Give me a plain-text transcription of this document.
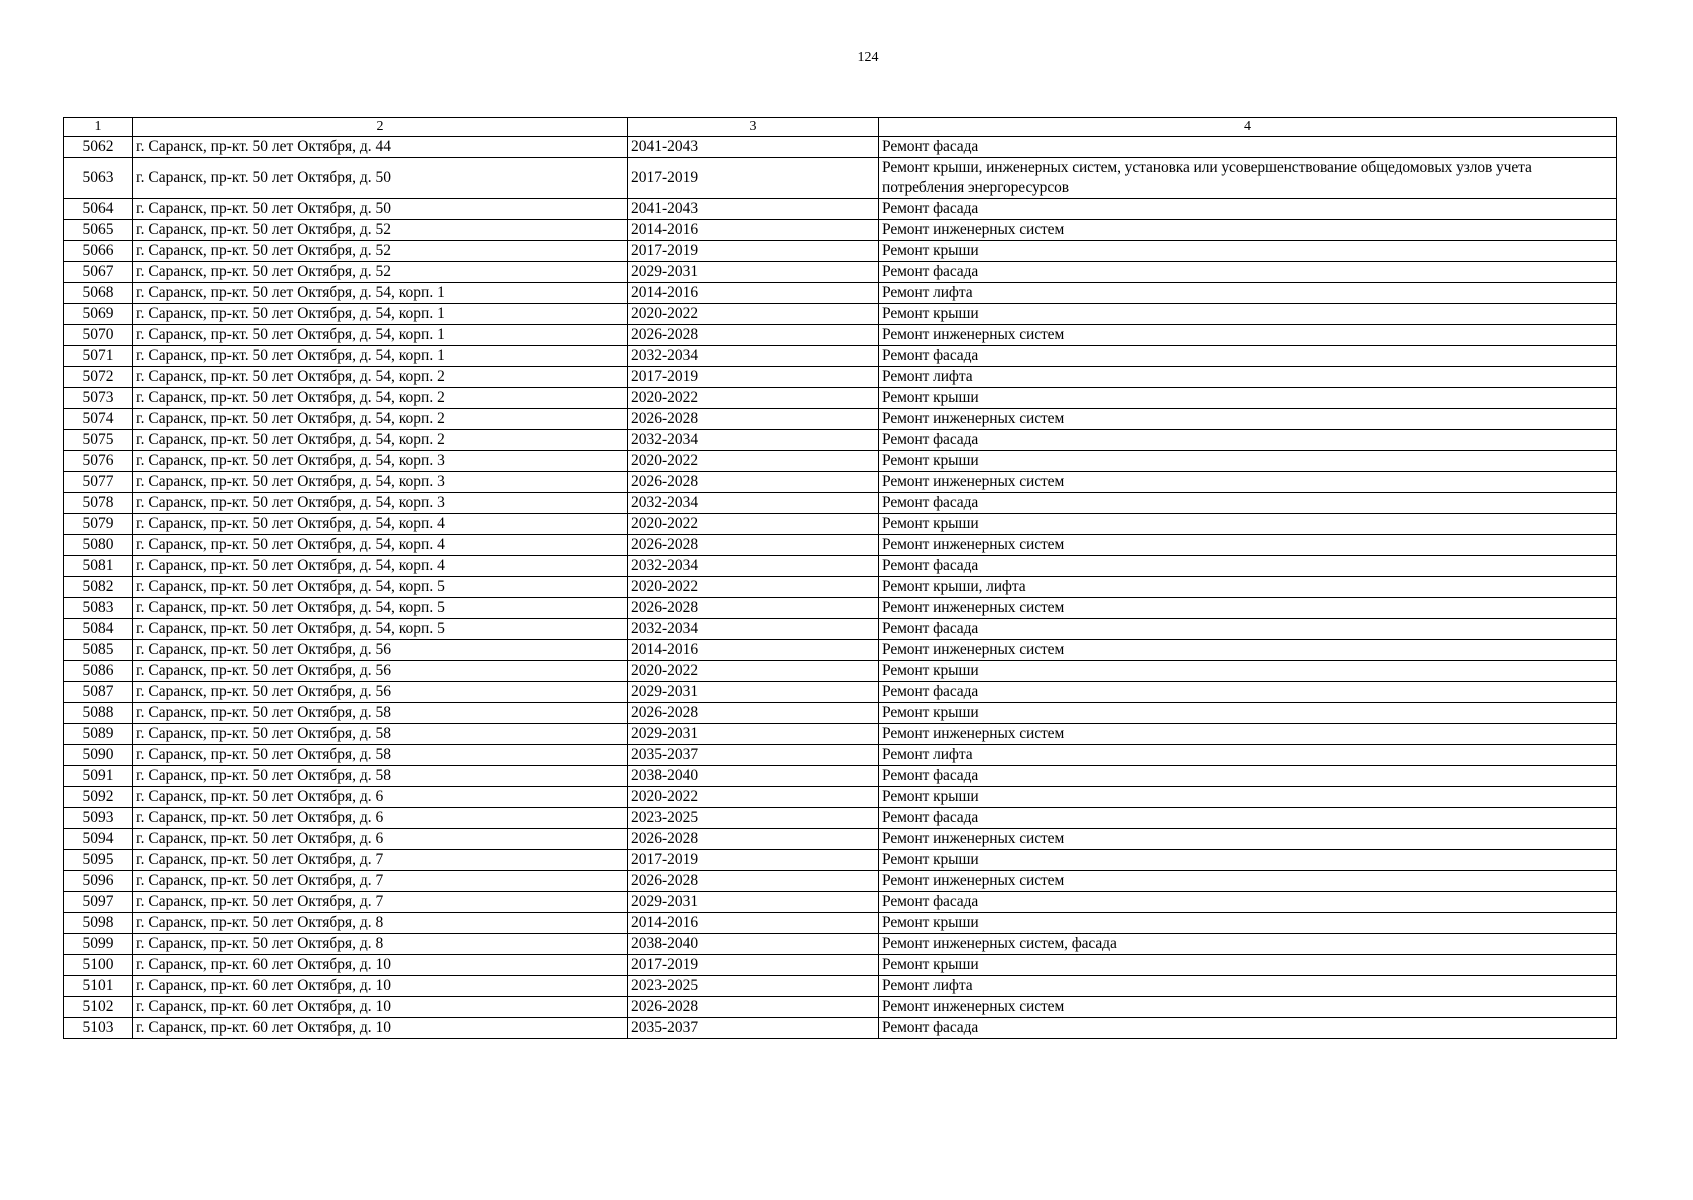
124
1	2	3	4
5062	г. Саранск, пр-кт. 50 лет Октября, д. 44	2041-2043	Ремонт фасада
5063	г. Саранск, пр-кт. 50 лет Октября, д. 50	2017-2019	Ремонт крыши, инженерных систем, установка или усовершенствование общедомовых узлов учета потребления энергоресурсов
5064	г. Саранск, пр-кт. 50 лет Октября, д. 50	2041-2043	Ремонт фасада
5065	г. Саранск, пр-кт. 50 лет Октября, д. 52	2014-2016	Ремонт инженерных систем
5066	г. Саранск, пр-кт. 50 лет Октября, д. 52	2017-2019	Ремонт крыши
5067	г. Саранск, пр-кт. 50 лет Октября, д. 52	2029-2031	Ремонт фасада
5068	г. Саранск, пр-кт. 50 лет Октября, д. 54, корп. 1	2014-2016	Ремонт лифта
5069	г. Саранск, пр-кт. 50 лет Октября, д. 54, корп. 1	2020-2022	Ремонт крыши
5070	г. Саранск, пр-кт. 50 лет Октября, д. 54, корп. 1	2026-2028	Ремонт инженерных систем
5071	г. Саранск, пр-кт. 50 лет Октября, д. 54, корп. 1	2032-2034	Ремонт фасада
5072	г. Саранск, пр-кт. 50 лет Октября, д. 54, корп. 2	2017-2019	Ремонт лифта
5073	г. Саранск, пр-кт. 50 лет Октября, д. 54, корп. 2	2020-2022	Ремонт крыши
5074	г. Саранск, пр-кт. 50 лет Октября, д. 54, корп. 2	2026-2028	Ремонт инженерных систем
5075	г. Саранск, пр-кт. 50 лет Октября, д. 54, корп. 2	2032-2034	Ремонт фасада
5076	г. Саранск, пр-кт. 50 лет Октября, д. 54, корп. 3	2020-2022	Ремонт крыши
5077	г. Саранск, пр-кт. 50 лет Октября, д. 54, корп. 3	2026-2028	Ремонт инженерных систем
5078	г. Саранск, пр-кт. 50 лет Октября, д. 54, корп. 3	2032-2034	Ремонт фасада
5079	г. Саранск, пр-кт. 50 лет Октября, д. 54, корп. 4	2020-2022	Ремонт крыши
5080	г. Саранск, пр-кт. 50 лет Октября, д. 54, корп. 4	2026-2028	Ремонт инженерных систем
5081	г. Саранск, пр-кт. 50 лет Октября, д. 54, корп. 4	2032-2034	Ремонт фасада
5082	г. Саранск, пр-кт. 50 лет Октября, д. 54, корп. 5	2020-2022	Ремонт крыши, лифта
5083	г. Саранск, пр-кт. 50 лет Октября, д. 54, корп. 5	2026-2028	Ремонт инженерных систем
5084	г. Саранск, пр-кт. 50 лет Октября, д. 54, корп. 5	2032-2034	Ремонт фасада
5085	г. Саранск, пр-кт. 50 лет Октября, д. 56	2014-2016	Ремонт инженерных систем
5086	г. Саранск, пр-кт. 50 лет Октября, д. 56	2020-2022	Ремонт крыши
5087	г. Саранск, пр-кт. 50 лет Октября, д. 56	2029-2031	Ремонт фасада
5088	г. Саранск, пр-кт. 50 лет Октября, д. 58	2026-2028	Ремонт крыши
5089	г. Саранск, пр-кт. 50 лет Октября, д. 58	2029-2031	Ремонт инженерных систем
5090	г. Саранск, пр-кт. 50 лет Октября, д. 58	2035-2037	Ремонт лифта
5091	г. Саранск, пр-кт. 50 лет Октября, д. 58	2038-2040	Ремонт фасада
5092	г. Саранск, пр-кт. 50 лет Октября, д. 6	2020-2022	Ремонт крыши
5093	г. Саранск, пр-кт. 50 лет Октября, д. 6	2023-2025	Ремонт фасада
5094	г. Саранск, пр-кт. 50 лет Октября, д. 6	2026-2028	Ремонт инженерных систем
5095	г. Саранск, пр-кт. 50 лет Октября, д. 7	2017-2019	Ремонт крыши
5096	г. Саранск, пр-кт. 50 лет Октября, д. 7	2026-2028	Ремонт инженерных систем
5097	г. Саранск, пр-кт. 50 лет Октября, д. 7	2029-2031	Ремонт фасада
5098	г. Саранск, пр-кт. 50 лет Октября, д. 8	2014-2016	Ремонт крыши
5099	г. Саранск, пр-кт. 50 лет Октября, д. 8	2038-2040	Ремонт инженерных систем, фасада
5100	г. Саранск, пр-кт. 60 лет Октября, д. 10	2017-2019	Ремонт крыши
5101	г. Саранск, пр-кт. 60 лет Октября, д. 10	2023-2025	Ремонт лифта
5102	г. Саранск, пр-кт. 60 лет Октября, д. 10	2026-2028	Ремонт инженерных систем
5103	г. Саранск, пр-кт. 60 лет Октября, д. 10	2035-2037	Ремонт фасада
